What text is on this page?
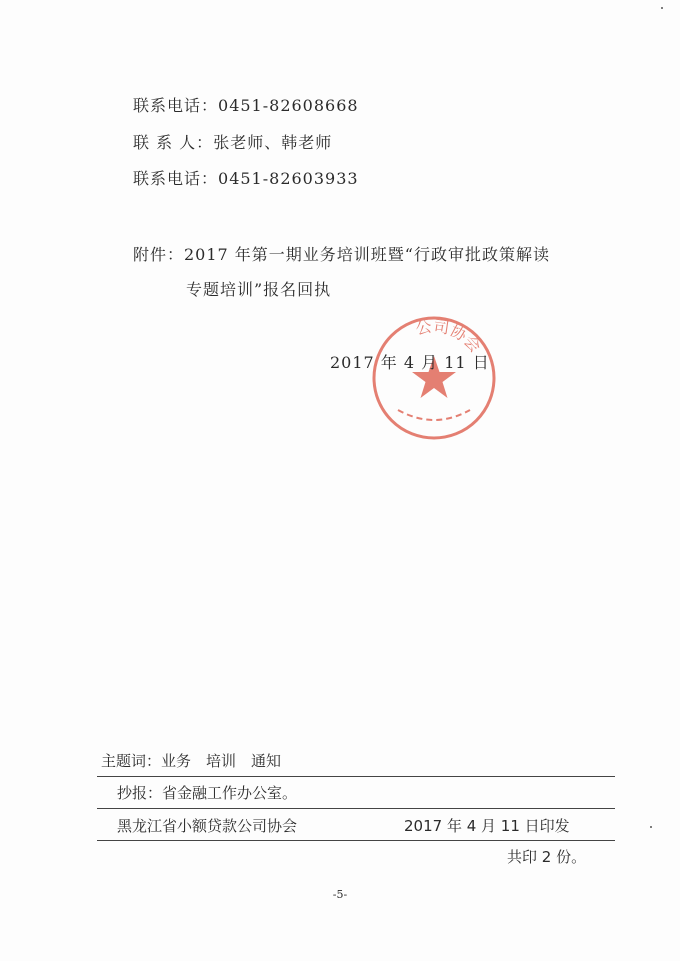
联系电话：0451-82608668
联 系 人：张老师、韩老师
联系电话：0451-82603933
附件：2017 年第一期业务培训班暨“行政审批政策解读
专题培训”报名回执
公司协会
2017 年 4 月 11 日
主题词：业务　培训　通知
抄报：省金融工作办公室。
黑龙江省小额贷款公司协会	2017 年 4 月 11 日印发
共印 2 份。
-5-
